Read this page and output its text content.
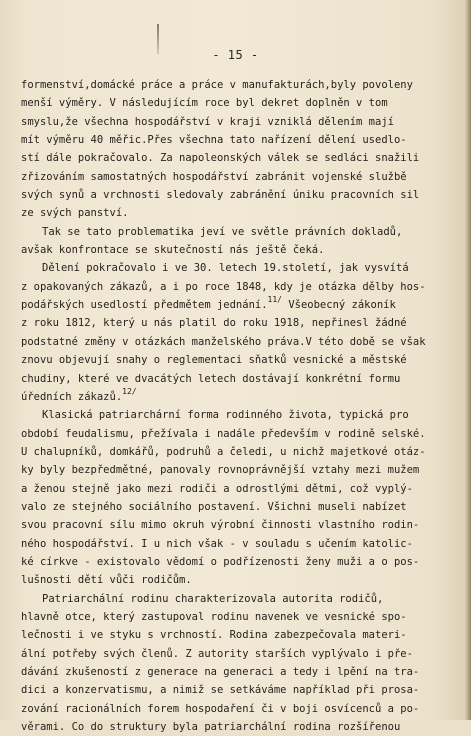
- 15 -
formenství,domácké práce a práce v manufakturách,byly povoleny
menší výměry. V následujícím roce byl dekret doplněn v tom
smyslu,že všechna hospodářství v kraji vzniklá dělením mají
mít výměru 40 měřic.Přes všechna tato nařízení dělení usedlo-
stí dále pokračovalo. Za napoleonských válek se sedláci snažili
zřizováním samostatných hospodářství zabránit vojenské službě
svých synů a vrchnosti sledovaly zabránění úniku pracovních sil
ze svých panství.
Tak se tato problematika jeví ve světle právních dokladů,
avšak konfrontace se skutečností nás ještě čeká.
Dělení pokračovalo i ve 30. letech 19.století, jak vysvítá
z opakovaných zákazů, a i po roce 1848, kdy je otázka dělby hos-
podářských usedlostí předmětem jednání.$^{11/}$ Všeobecný zákoník
z roku 1812, který u nás platil do roku 1918, nepřinesl žádné
podstatné změny v otázkách manželského práva.V této době se však
znovu objevují snahy o reglementaci sňatků vesnické a městské
chudiny, které ve dvacátých letech dostávají konkrétní formu
úředních zákazů.$^{12/}$
Klasická patriarchární forma rodinného života, typická pro
období feudalismu, přežívala i nadále především v rodině selské.
U chalupníků, domkářů, podruhů a čeledi, u nichž majetkové otáz-
ky byly bezpředmětné, panovaly rovnoprávnější vztahy mezi mužem
a ženou stejně jako mezi rodiči a odrostlými dětmi, což vyplý-
valo ze stejného sociálního postavení. Všichni museli nabízet
svou pracovní sílu mimo okruh výrobní činnosti vlastního rodin-
ného hospodářství. I u nich však - v souladu s učením katolic-
ké církve - existovalo vědomí o podřízenosti ženy muži a o pos-
lušnosti dětí vůči rodičům.
Patriarchální rodinu charakterizovala autorita rodičů,
hlavně otce, který zastupoval rodinu navenek ve vesnické spo-
lečnosti i ve styku s vrchností. Rodina zabezpečovala materi-
ální potřeby svých členů. Z autority starších vyplývalo i pře-
dávání zkušeností z generace na generaci a tedy i lpění na tra-
dici a konzervatismu, a nimiž se setkáváme například při prosa-
zování racionálních forem hospodaření či v boji osvícenců a po-
věrami. Co do struktury byla patriarchální rodina rozšířenou
